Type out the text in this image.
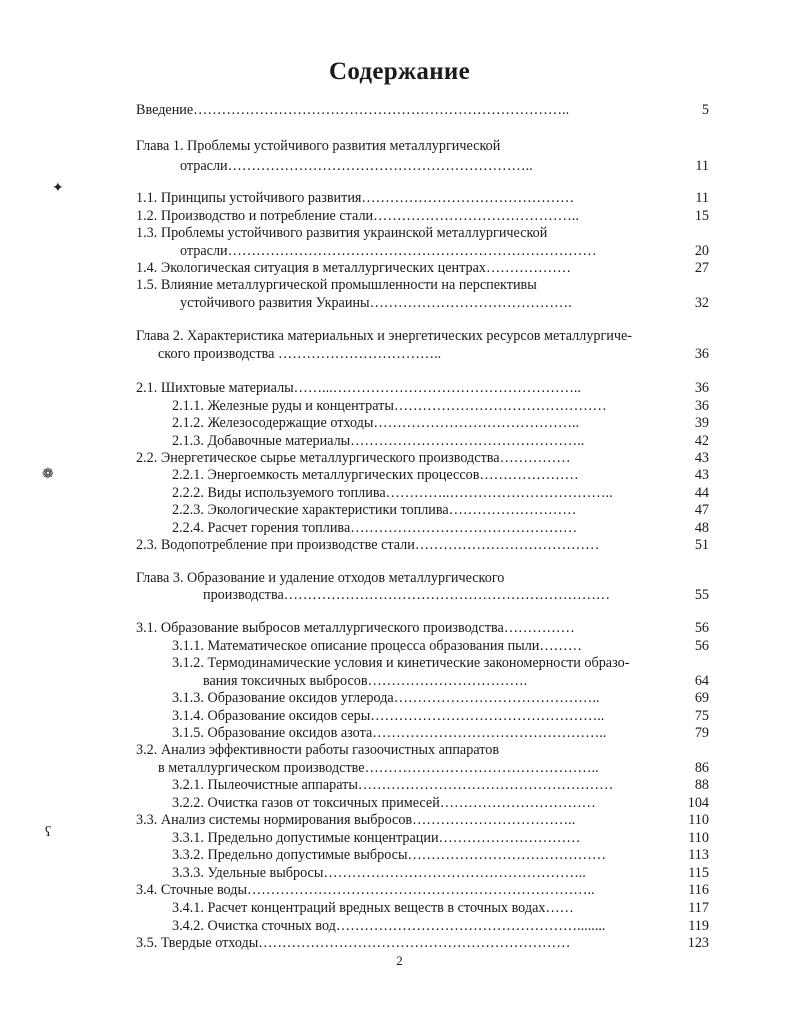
Содержание
Введение……………………………………………………………………..	5
Глава 1. Проблемы устойчивого развития металлургической
отрасли………………………………………………………..	11
1.1. Принципы устойчивого развития………………………………………	11
1.2. Производство и потребление стали……………………………………..	15
1.3. Проблемы устойчивого развития украинской металлургической
отрасли……………………………………………………………………	20
1.4. Экологическая ситуация в металлургических центрах………………	27
1.5. Влияние металлургической промышленности на перспективы
устойчивого развития Украины…………………………………….	32
Глава 2. Характеристика материальных и энергетических ресурсов металлургиче-
ского производства ……………………………..	36
2.1. Шихтовые материалы……...……………………………………………..	36
2.1.1. Железные руды и концентраты………………………………………	36
2.1.2. Железосодержащие отходы……………………………………..	39
2.1.3. Добавочные материалы…………………………………………..	42
2.2. Энергетическое сырье металлургического производства……………	43
2.2.1. Энергоемкость металлургических процессов…………………	43
2.2.2. Виды используемого топлива…………..……………………………..	44
2.2.3. Экологические характеристики топлива………………………	47
2.2.4. Расчет горения топлива…………………………………………	48
2.3. Водопотребление при производстве стали…………………………………	51
Глава 3. Образование и удаление отходов металлургического
производства……………………………………………………………	55
3.1. Образование выбросов металлургического производства……………	56
3.1.1. Математическое описание процесса образования пыли………	56
3.1.2. Термодинамические условия и кинетические закономерности образо-
вания токсичных выбросов…………………………….	64
3.1.3. Образование оксидов углерода……………………………………..	69
3.1.4. Образование оксидов серы…………………………………………..	75
3.1.5. Образование оксидов азота…………………………………………..	79
3.2. Анализ эффективности работы газоочистных аппаратов
в металлургическом производстве…………………………………………..	86
3.2.1. Пылеочистные аппараты………………………………………………	88
3.2.2. Очистка газов от токсичных примесей……………………………	104
3.3. Анализ системы нормирования выбросов……………………………..	110
3.3.1. Предельно допустимые концентрации…………………………	110
3.3.2. Предельно допустимые выбросы……………………………………	113
3.3.3. Удельные выбросы………………………………………………..	115
3.4. Сточные воды………………………………………………………………..	116
3.4.1. Расчет концентраций вредных веществ в сточных водах……	117
3.4.2. Очистка сточных вод……………………………………………........	119
3.5. Твердые отходы…………………………………………………………	123
2
✦
❁
ʕ
